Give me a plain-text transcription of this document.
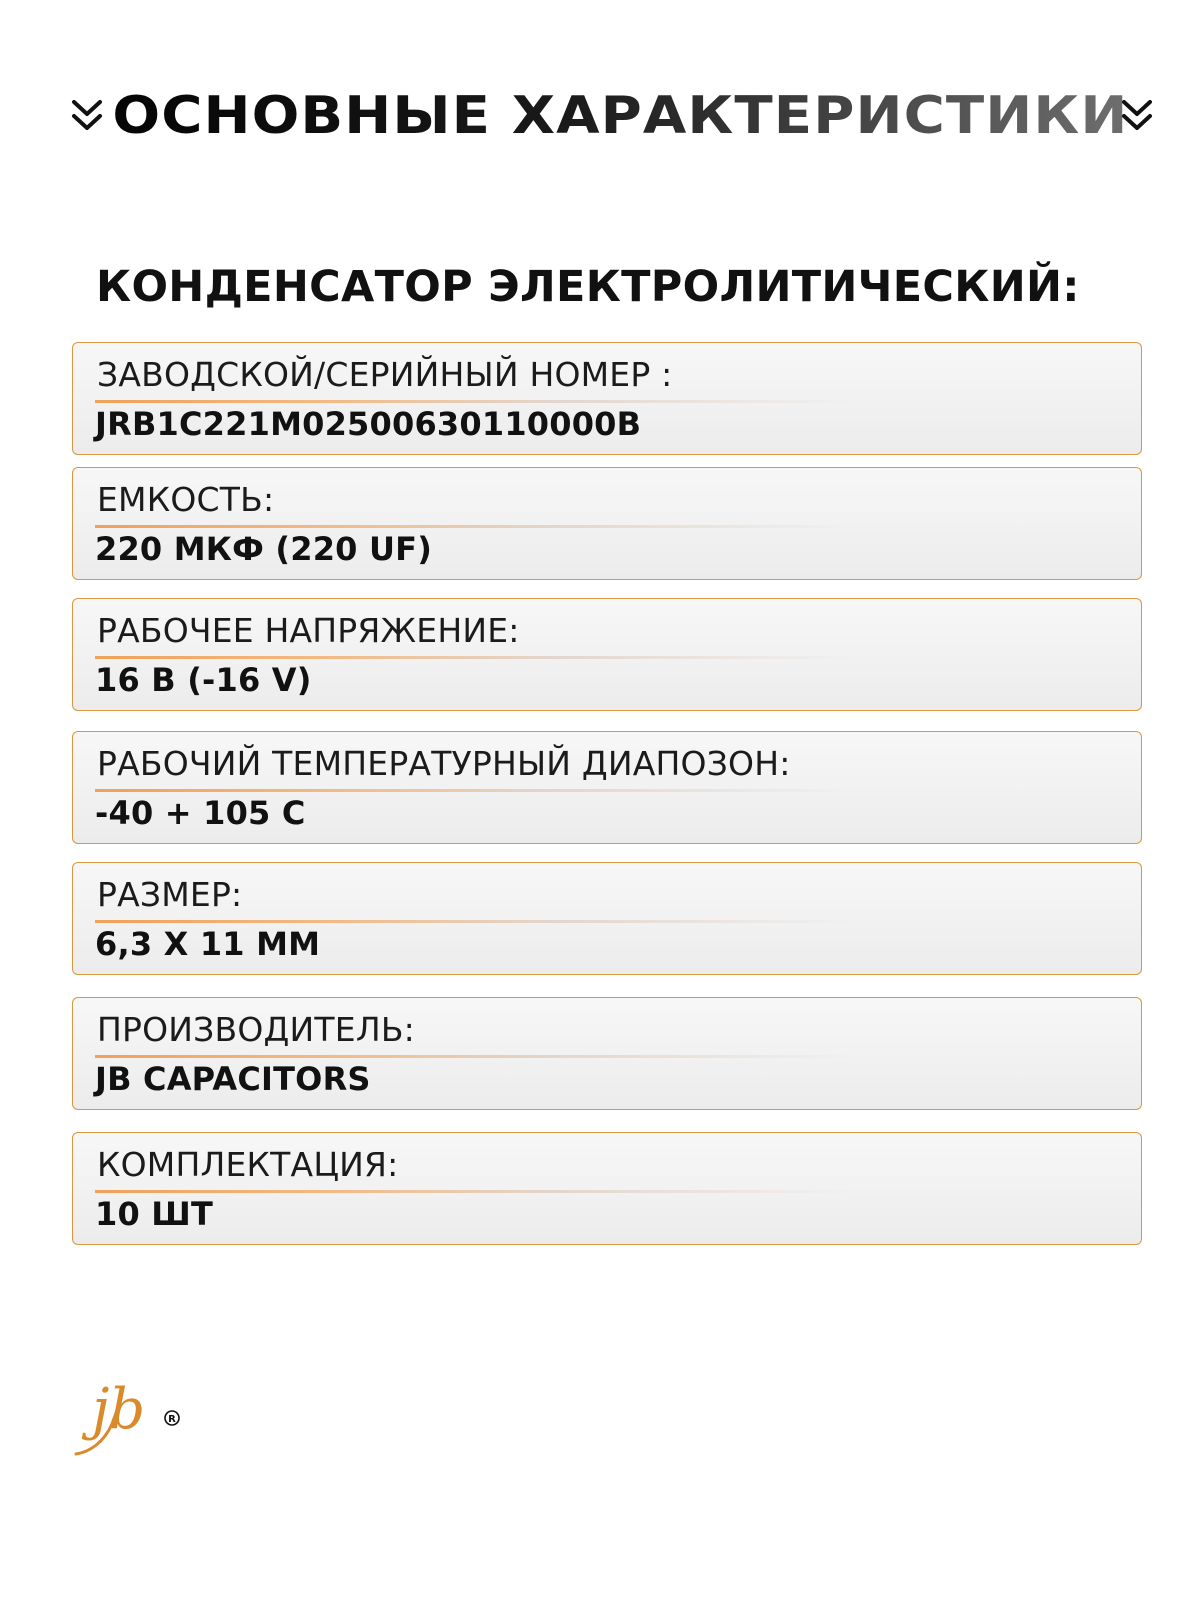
ОСНОВНЫЕ ХАРАКТЕРИСТИКИ
КОНДЕНСАТОР ЭЛЕКТРОЛИТИЧЕСКИЙ:
ЗАВОДСКОЙ/СЕРИЙНЫЙ НОМЕР :
JRB1C221M02500630110000B
ЕМКОСТЬ:
220 МКФ (220 UF)
РАБОЧЕЕ НАПРЯЖЕНИЕ:
16 В (-16 V)
РАБОЧИЙ ТЕМПЕРАТУРНЫЙ ДИАПОЗОН:
-40 + 105 С
РАЗМЕР:
6,3 Х 11 ММ
ПРОИЗВОДИТЕЛЬ:
JB CAPACITORS
КОМПЛЕКТАЦИЯ:
10 ШТ
jb R
